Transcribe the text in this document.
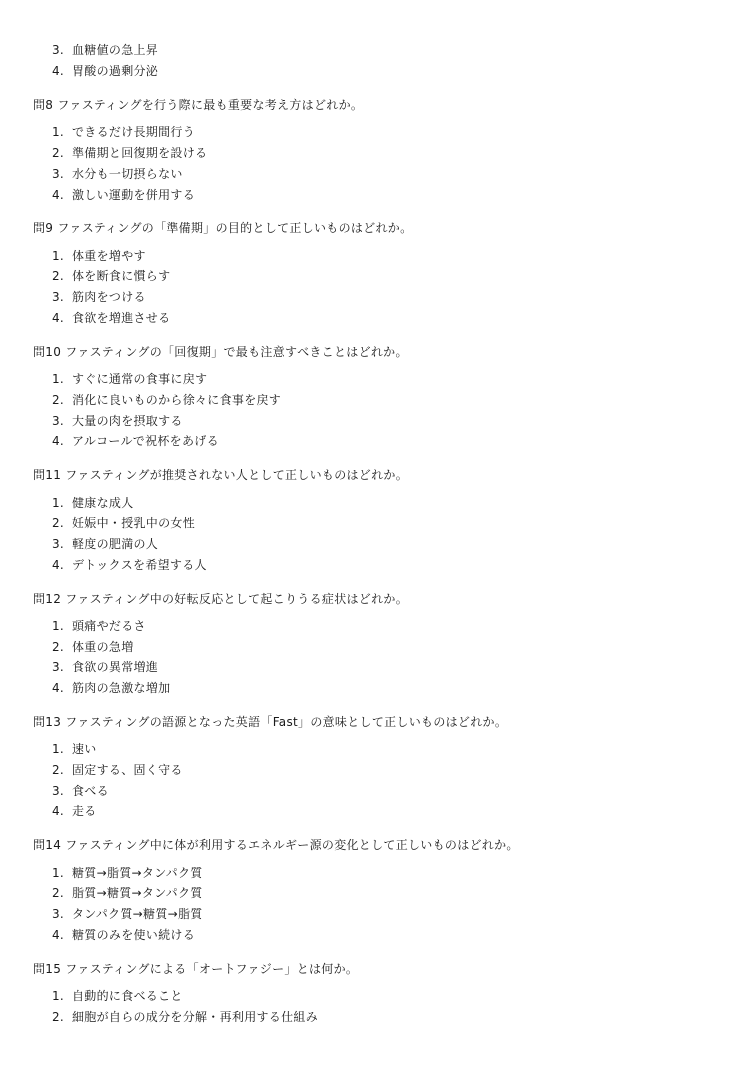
3. 血糖値の急上昇
4. 胃酸の過剰分泌
問8 ファスティングを行う際に最も重要な考え方はどれか。
1. できるだけ長期間行う
2. 準備期と回復期を設ける
3. 水分も一切摂らない
4. 激しい運動を併用する
問9 ファスティングの「準備期」の目的として正しいものはどれか。
1. 体重を増やす
2. 体を断食に慣らす
3. 筋肉をつける
4. 食欲を増進させる
問10 ファスティングの「回復期」で最も注意すべきことはどれか。
1. すぐに通常の食事に戻す
2. 消化に良いものから徐々に食事を戻す
3. 大量の肉を摂取する
4. アルコールで祝杯をあげる
問11 ファスティングが推奨されない人として正しいものはどれか。
1. 健康な成人
2. 妊娠中・授乳中の女性
3. 軽度の肥満の人
4. デトックスを希望する人
問12 ファスティング中の好転反応として起こりうる症状はどれか。
1. 頭痛やだるさ
2. 体重の急増
3. 食欲の異常増進
4. 筋肉の急激な増加
問13 ファスティングの語源となった英語「Fast」の意味として正しいものはどれか。
1. 速い
2. 固定する、固く守る
3. 食べる
4. 走る
問14 ファスティング中に体が利用するエネルギー源の変化として正しいものはどれか。
1. 糖質→脂質→タンパク質
2. 脂質→糖質→タンパク質
3. タンパク質→糖質→脂質
4. 糖質のみを使い続ける
問15 ファスティングによる「オートファジー」とは何か。
1. 自動的に食べること
2. 細胞が自らの成分を分解・再利用する仕組み
